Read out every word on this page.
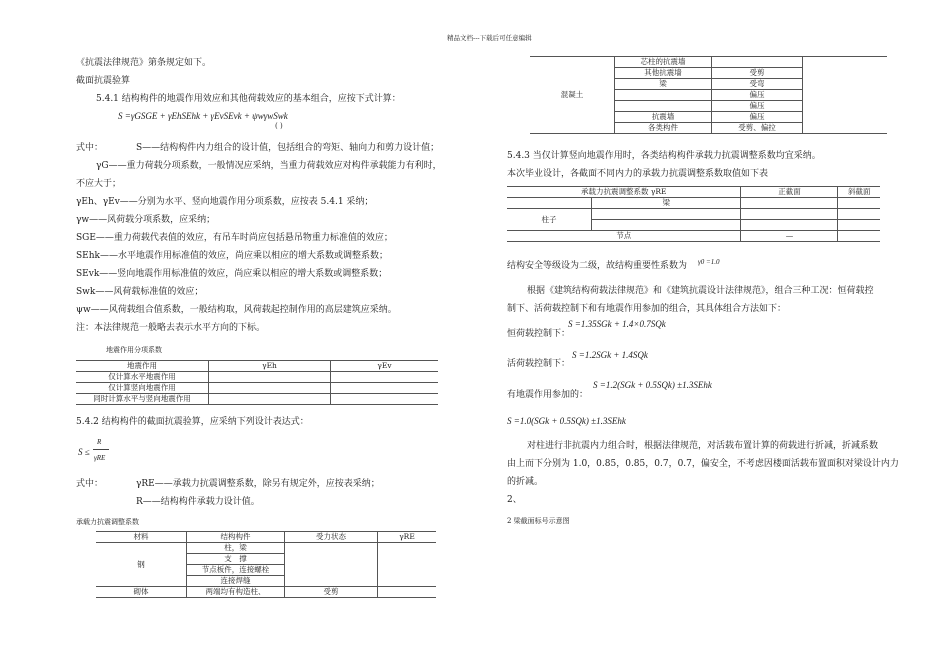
精品文档---下载后可任意编辑
《抗震法律规范》第条规定如下。
截面抗震验算
5.4.1 结构构件的地震作用效应和其他荷载效应的基本组合，应按下式计算：
S =γGSGE + γEhSEhk + γEvSEvk + ψwγwSwk
( )
式中：	S——结构构件内力组合的设计值，包括组合的弯矩、轴向力和剪力设计值；
γG——重力荷载分项系数，一般情况应采纳，当重力荷载效应对构件承载能力有利时，
不应大于；
γEh、γEv——分别为水平、竖向地震作用分项系数，应按表 5.4.1 采纳；
γw——风荷载分项系数，应采纳；
SGE——重力荷载代表值的效应，有吊车时尚应包括悬吊物重力标准值的效应；
SEhk——水平地震作用标准值的效应，尚应乘以相应的增大系数或调整系数；
SEvk——竖向地震作用标准值的效应，尚应乘以相应的增大系数或调整系数；
Swk——风荷载标准值的效应；
ψw——风荷载组合值系数，一般结构取，风荷载起控制作用的高层建筑应采纳。
注：本法律规范一般略去表示水平方向的下标。
地震作用分项系数
地震作用	γEh	γEv
仅计算水平地震作用		
仅计算竖向地震作用		
同时计算水平与竖向地震作用		
5.4.2 结构构件的截面抗震验算，应采纳下列设计表达式：
S ≤
R
γRE
式中：	γRE——承载力抗震调整系数，除另有规定外，应按表采纳；
R——结构构件承载力设计值。
承载力抗震调整系数
材料	结构构件	受力状态	γRE
钢	柱，梁		
	支　撑		
	节点板件，连接螺栓		
	连接焊缝		
砌体	两端均有构造柱、	受剪	
混凝土	芯柱的抗震墙		
	其他抗震墙	受剪	
	梁	受弯	
		偏压	
		偏压	
	抗震墙	偏压	
	各类构件	受剪、偏拉	
5.4.3 当仅计算竖向地震作用时，各类结构构件承载力抗震调整系数均宜采纳。
本次毕业设计，各截面不同内力的承载力抗震调整系数取值如下表
承载力抗震调整系数 γRE		正截面	斜截面
	梁		
柱子			

节点		—	
结构安全等级设为二级，故结构重要性系数为 γ0 =1.0
根据《建筑结构荷载法律规范》和《建筑抗震设计法律规范》，组合三种工况：恒荷载控
制下、活荷载控制下和有地震作用参加的组合，其具体组合方法如下：
S =1.35SGk + 1.4×0.7SQk
恒荷载控制下：
S =1.2SGk + 1.4SQk
活荷载控制下：
S =1.2(SGk + 0.5SQk) ±1.3SEhk
有地震作用参加的：
S =1.0(SGk + 0.5SQk) ±1.3SEhk
对柱进行非抗震内力组合时，根据法律规范，对活载布置计算的荷载进行折减，折减系数
由上而下分别为 1.0，0.85，0.85，0.7，0.7，偏安全，不考虑因楼面活载布置面积对梁设计内力
的折减。
2、
2 梁截面标号示意图
